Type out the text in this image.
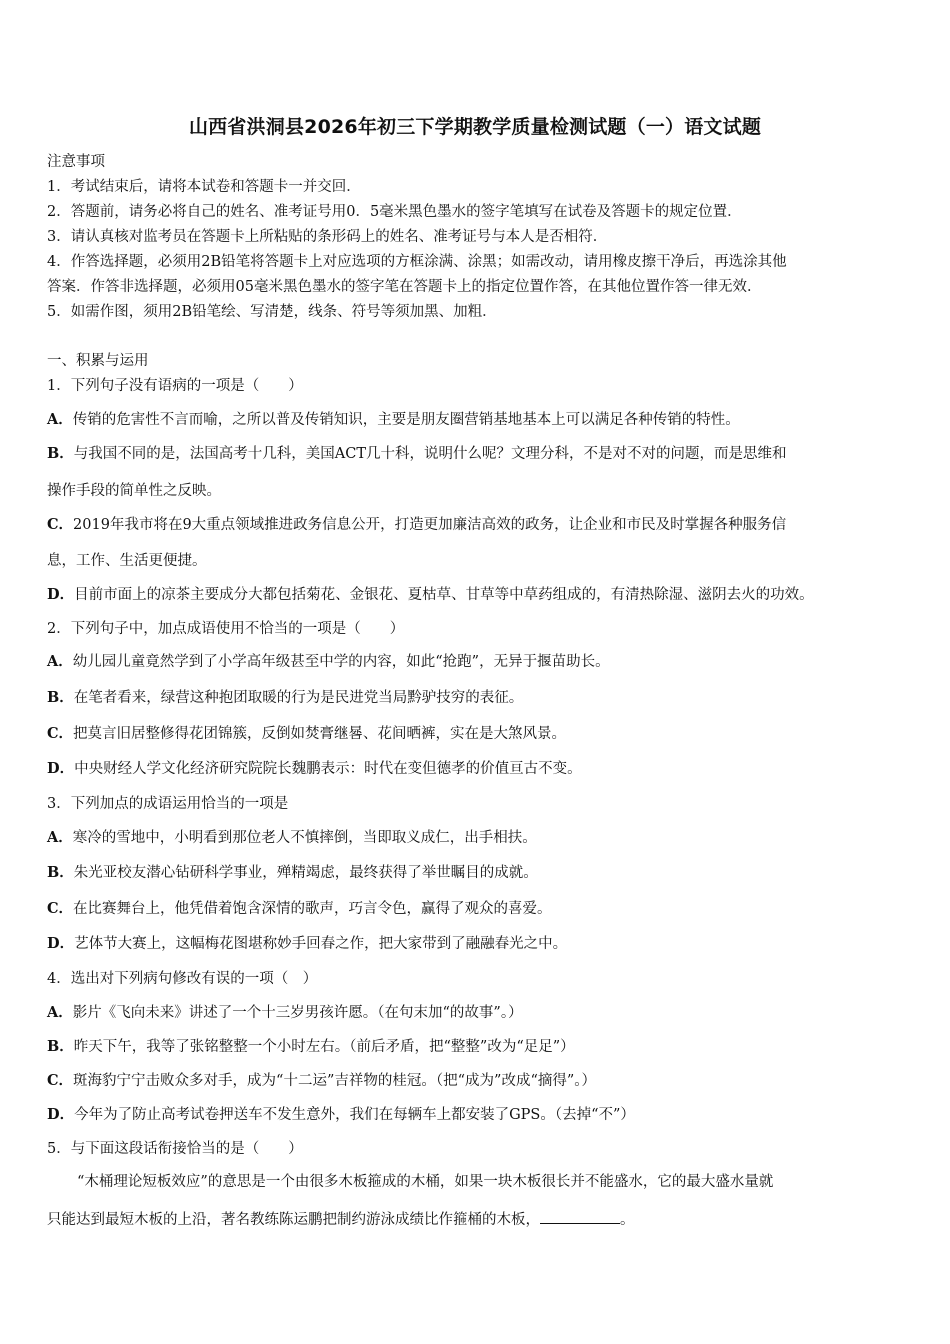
山西省洪洞县2026年初三下学期教学质量检测试题（一）语文试题

注意事项

1．考试结束后，请将本试卷和答题卡一并交回．

2．答题前，请务必将自己的姓名、准考证号用0．5毫米黑色墨水的签字笔填写在试卷及答题卡的规定位置．

3．请认真核对监考员在答题卡上所粘贴的条形码上的姓名、准考证号与本人是否相符．

4．作答选择题，必须用2B铅笔将答题卡上对应选项的方框涂满、涂黑；如需改动，请用橡皮擦干净后，再选涂其他

答案．作答非选择题，必须用05毫米黑色墨水的签字笔在答题卡上的指定位置作答，在其他位置作答一律无效．

5．如需作图，须用2B铅笔绘、写清楚，线条、符号等须加黑、加粗．

一、积累与运用

1．下列句子没有语病的一项是（　　）

A．传销的危害性不言而喻，之所以普及传销知识，主要是朋友圈营销基地基本上可以满足各种传销的特性。

B．与我国不同的是，法国高考十几科，美国ACT几十科，说明什么呢？文理分科，不是对不对的问题，而是思维和

操作手段的简单性之反映。

C．2019年我市将在9大重点领域推进政务信息公开，打造更加廉洁高效的政务，让企业和市民及时掌握各种服务信

息，工作、生活更便捷。

D．目前市面上的凉茶主要成分大都包括菊花、金银花、夏枯草、甘草等中草药组成的，有清热除湿、滋阴去火的功效。

2．下列句子中，加点成语使用不恰当的一项是（　　）

A．幼儿园儿童竟然学到了小学高年级甚至中学的内容，如此“抢跑”，无异于揠苗助长。

B．在笔者看来，绿营这种抱团取暖的行为是民进党当局黔驴技穷的表征。

C．把莫言旧居整修得花团锦簇，反倒如焚膏继晷、花间晒裤，实在是大煞风景。

D．中央财经人学文化经济研究院院长魏鹏表示：时代在变但德孝的价值亘古不变。

3．下列加点的成语运用恰当的一项是

A．寒冷的雪地中，小明看到那位老人不慎摔倒，当即取义成仁，出手相扶。

B．朱光亚校友潜心钻研科学事业，殚精竭虑，最终获得了举世瞩目的成就。

C．在比赛舞台上，他凭借着饱含深情的歌声，巧言令色，赢得了观众的喜爱。

D．艺体节大赛上，这幅梅花图堪称妙手回春之作，把大家带到了融融春光之中。

4．选出对下列病句修改有误的一项（　）

A．影片《飞向未来》讲述了一个十三岁男孩许愿。（在句末加“的故事”。）

B．昨天下午，我等了张铭整整一个小时左右。（前后矛盾，把“整整”改为“足足”）

C．斑海豹宁宁击败众多对手，成为“十二运”吉祥物的桂冠。（把“成为”改成“摘得”。）

D．今年为了防止高考试卷押送车不发生意外，我们在每辆车上都安装了GPS。（去掉“不”）

5．与下面这段话衔接恰当的是（　　）

“木桶理论短板效应”的意思是一个由很多木板箍成的木桶，如果一块木板很长并不能盛水，它的最大盛水量就

只能达到最短木板的上沿，著名教练陈运鹏把制约游泳成绩比作箍桶的木板，	。
